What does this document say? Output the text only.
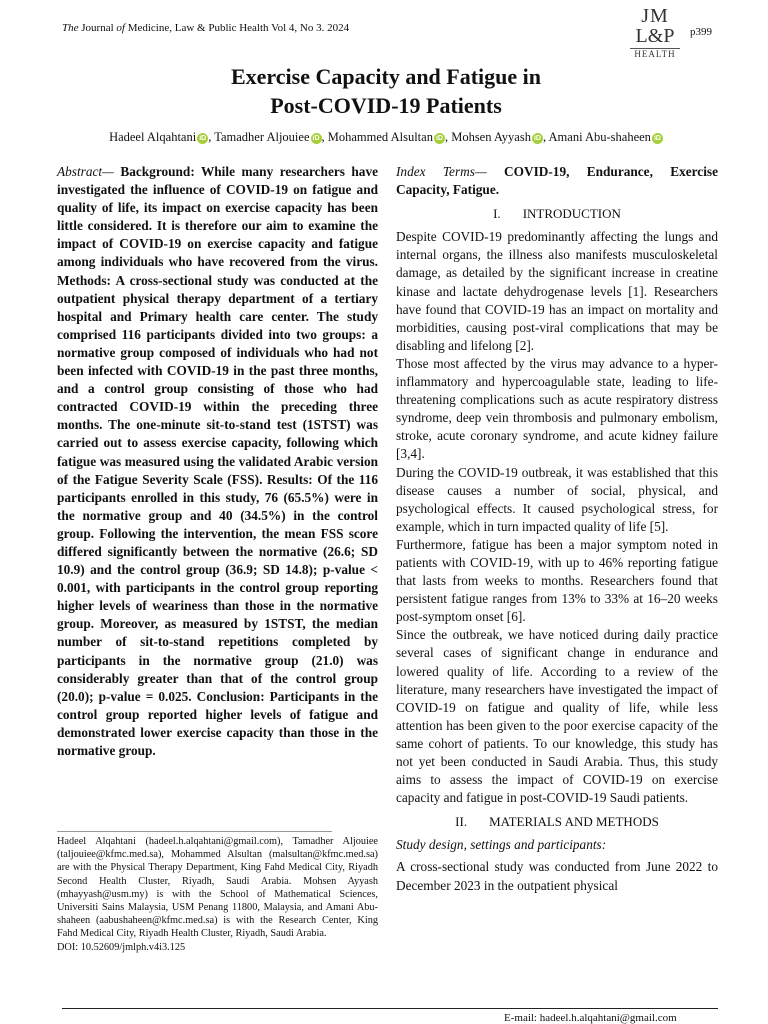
The Journal of Medicine, Law & Public Health Vol 4, No 3. 2024
JM
L&P
HEALTH
p399
Exercise Capacity and Fatigue in
Post-COVID-19 Patients
Hadeel Alqahtani iD , Tamadher Aljouiee iD , Mohammed Alsultan iD , Mohsen Ayyash iD , Amani Abu-shaheen iD

Abstract— Background: While many researchers have investigated the influence of COVID-19 on fatigue and quality of life, its impact on exercise capacity has been little considered. It is therefore our aim to examine the impact of COVID-19 on exercise capacity and fatigue among individuals who have recovered from the virus. Methods: A cross-sectional study was conducted at the outpatient physical therapy department of a tertiary hospital and Primary health care center. The study comprised 116 participants divided into two groups: a normative group composed of individuals who had not been infected with COVID-19 in the past three months, and a control group consisting of those who had contracted COVID-19 within the preceding three months. The one-minute sit-to-stand test (1STST) was carried out to assess exercise capacity, following which fatigue was measured using the validated Arabic version of the Fatigue Severity Scale (FSS). Results: Of the 116 participants enrolled in this study, 76 (65.5%) were in the normative group and 40 (34.5%) in the control group. Following the intervention, the mean FSS score differed significantly between the normative (26.6; SD 10.9) and the control group (36.9; SD 14.8); p-value < 0.001, with participants in the control group reporting higher levels of weariness than those in the normative group. Moreover, as measured by 1STST, the median number of sit-to-stand repetitions completed by participants in the normative group (21.0) was considerably greater than that of the control group (20.0); p-value = 0.025. Conclusion: Participants in the control group reported higher levels of fatigue and demonstrated lower exercise capacity than those in the normative group.

Hadeel Alqahtani (hadeel.h.alqahtani@gmail.com), Tamadher Aljouiee (taljouiee@kfmc.med.sa), Mohammed Alsultan (malsultan@kfmc.med.sa) are with the Physical Therapy Department, King Fahd Medical City, Riyadh Second Health Cluster, Riyadh, Saudi Arabia. Mohsen Ayyash (mhayyash@usm.my) is with the School of Mathematical Sciences, Universiti Sains Malaysia, USM Penang 11800, Malaysia, and Amani Abu-shaheen (aabushaheen@kfmc.med.sa) is with the Research Center, King Fahd Medical City, Riyadh Health Cluster, Riyadh, Saudi Arabia.
DOI: 10.52609/jmlph.v4i3.125

Index Terms— COVID-19, Endurance, Exercise Capacity, Fatigue.

I. INTRODUCTION

Despite COVID-19 predominantly affecting the lungs and internal organs, the illness also manifests musculoskeletal damage, as detailed by the significant increase in creatine kinase and lactate dehydrogenase levels [1]. Researchers have found that COVID-19 has an impact on mortality and morbidities, causing post-viral complications that may be disabling and lifelong [2].

Those most affected by the virus may advance to a hyper-inflammatory and hypercoagulable state, leading to life-threatening complications such as acute respiratory distress syndrome, deep vein thrombosis and pulmonary embolism, stroke, acute coronary syndrome, and acute kidney failure [3,4].

During the COVID-19 outbreak, it was established that this disease causes a number of social, physical, and psychological effects. It caused psychological stress, for example, which in turn impacted quality of life [5].

Furthermore, fatigue has been a major symptom noted in patients with COVID-19, with up to 46% reporting fatigue that lasts from weeks to months. Researchers found that persistent fatigue ranges from 13% to 33% at 16–20 weeks post-symptom onset [6].

Since the outbreak, we have noticed during daily practice several cases of significant change in endurance and lowered quality of life. According to a review of the literature, many researchers have investigated the impact of COVID-19 on fatigue and quality of life, while less attention has been given to the poor exercise capacity of the same cohort of patients. To our knowledge, this study has not yet been conducted in Saudi Arabia. Thus, this study aims to assess the impact of COVID-19 on exercise capacity and fatigue in post-COVID-19 Saudi patients.

II. MATERIALS AND METHODS

Study design, settings and participants:

A cross-sectional study was conducted from June 2022 to December 2023 in the outpatient physical

E-mail: hadeel.h.alqahtani@gmail.com
